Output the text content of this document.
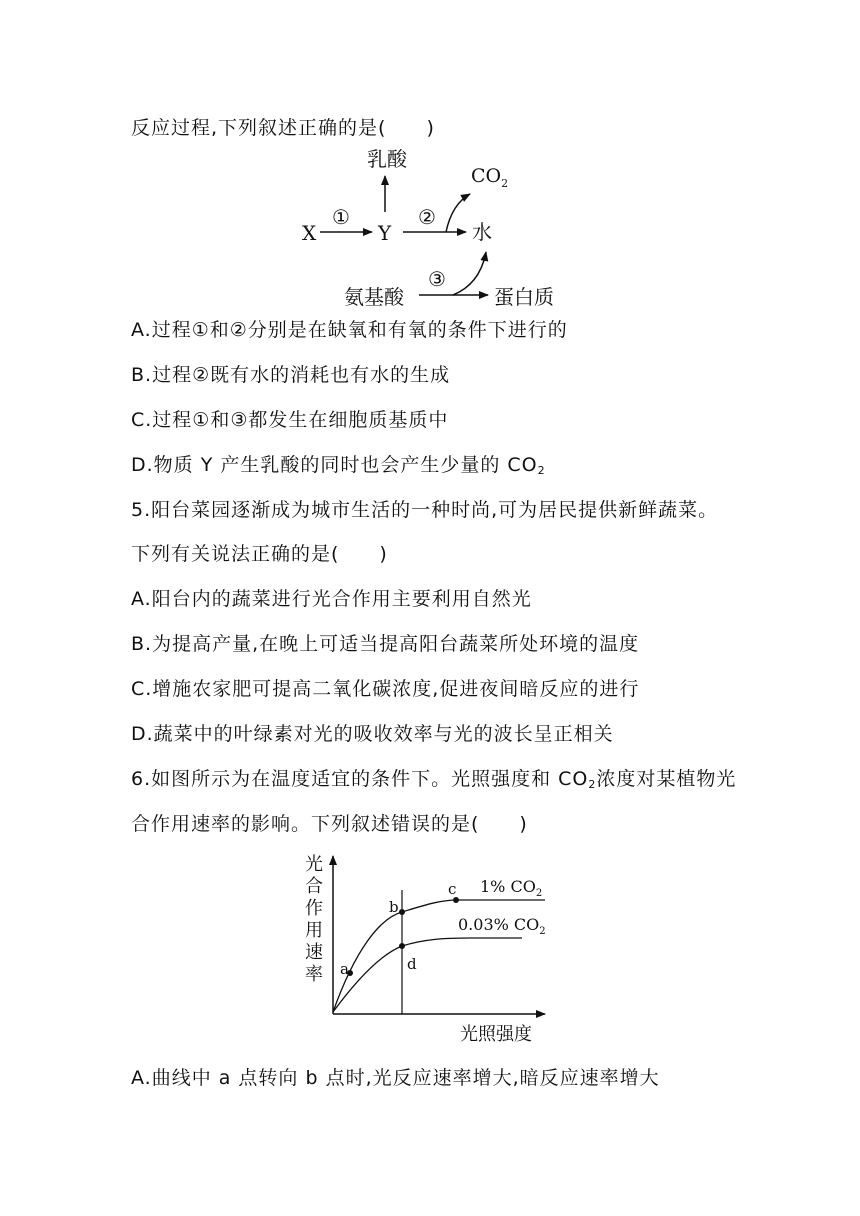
反应过程,下列叙述正确的是(　　)
乳酸
$CO_2$
X
①
Y
②
水
氨基酸
③
蛋白质
A.过程①和②分别是在缺氧和有氧的条件下进行的
B.过程②既有水的消耗也有水的生成
C.过程①和③都发生在细胞质基质中
D.物质 Y 产生乳酸的同时也会产生少量的 $CO_2$
5.阳台菜园逐渐成为城市生活的一种时尚,可为居民提供新鲜蔬菜。
下列有关说法正确的是(　　)
A.阳台内的蔬菜进行光合作用主要利用自然光
B.为提高产量,在晚上可适当提高阳台蔬菜所处环境的温度
C.增施农家肥可提高二氧化碳浓度,促进夜间暗反应的进行
D.蔬菜中的叶绿素对光的吸收效率与光的波长呈正相关
6.如图所示为在温度适宜的条件下。光照强度和 $CO_2$浓度对某植物光
合作用速率的影响。下列叙述错误的是(　　)
光
合
作
用
速
率
光照强度
a
b
c
d
1% $CO_2$
0.03% $CO_2$
A.曲线中 a 点转向 b 点时,光反应速率增大,暗反应速率增大
